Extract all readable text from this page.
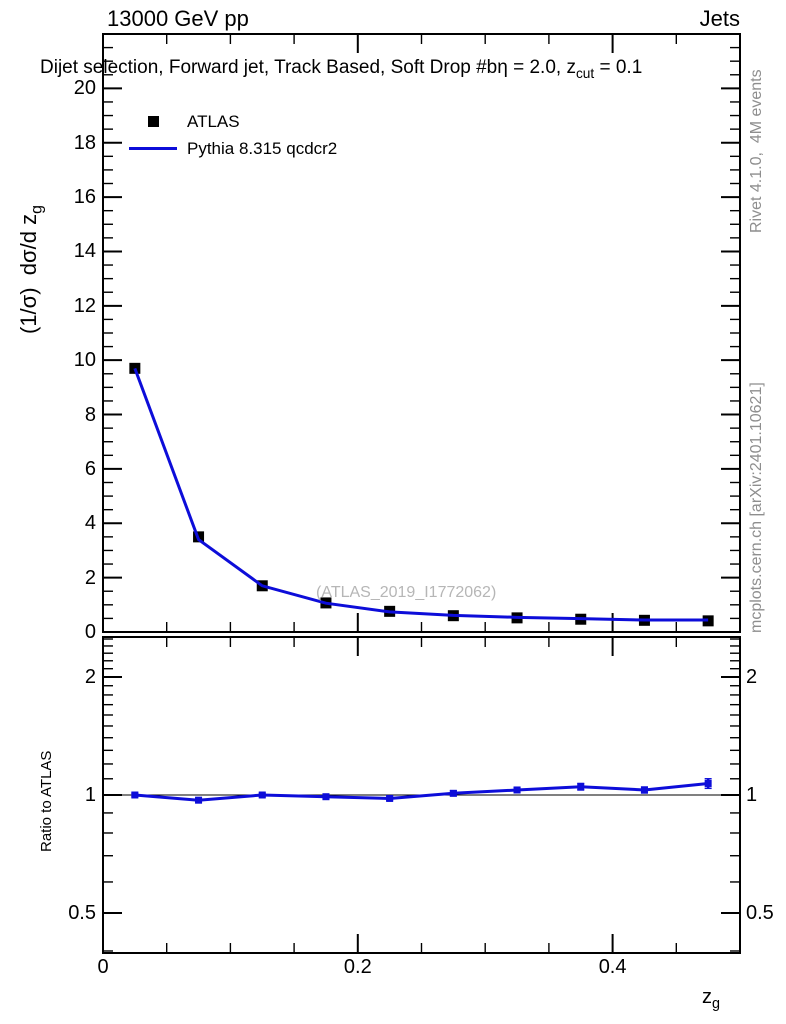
13000 GeV pp	Jets
Dijet selection, Forward jet, Track Based, Soft Drop #bη = 2.0, $z_{cut} = 0.1$
(1/σ)  dσ/d $z_g$
Ratio to ATLAS
Rivet 4.1.0,  4M events
mcplots.cern.ch [arXiv:2401.10621]
ATLAS
Pythia 8.315 qcdcr2
(ATLAS_2019_I1772062)
$z_g$
0
2
4
6
8
10
12
14
16
18
20
0	0.2	0.4
0.5	0.5
1	1
2	2
